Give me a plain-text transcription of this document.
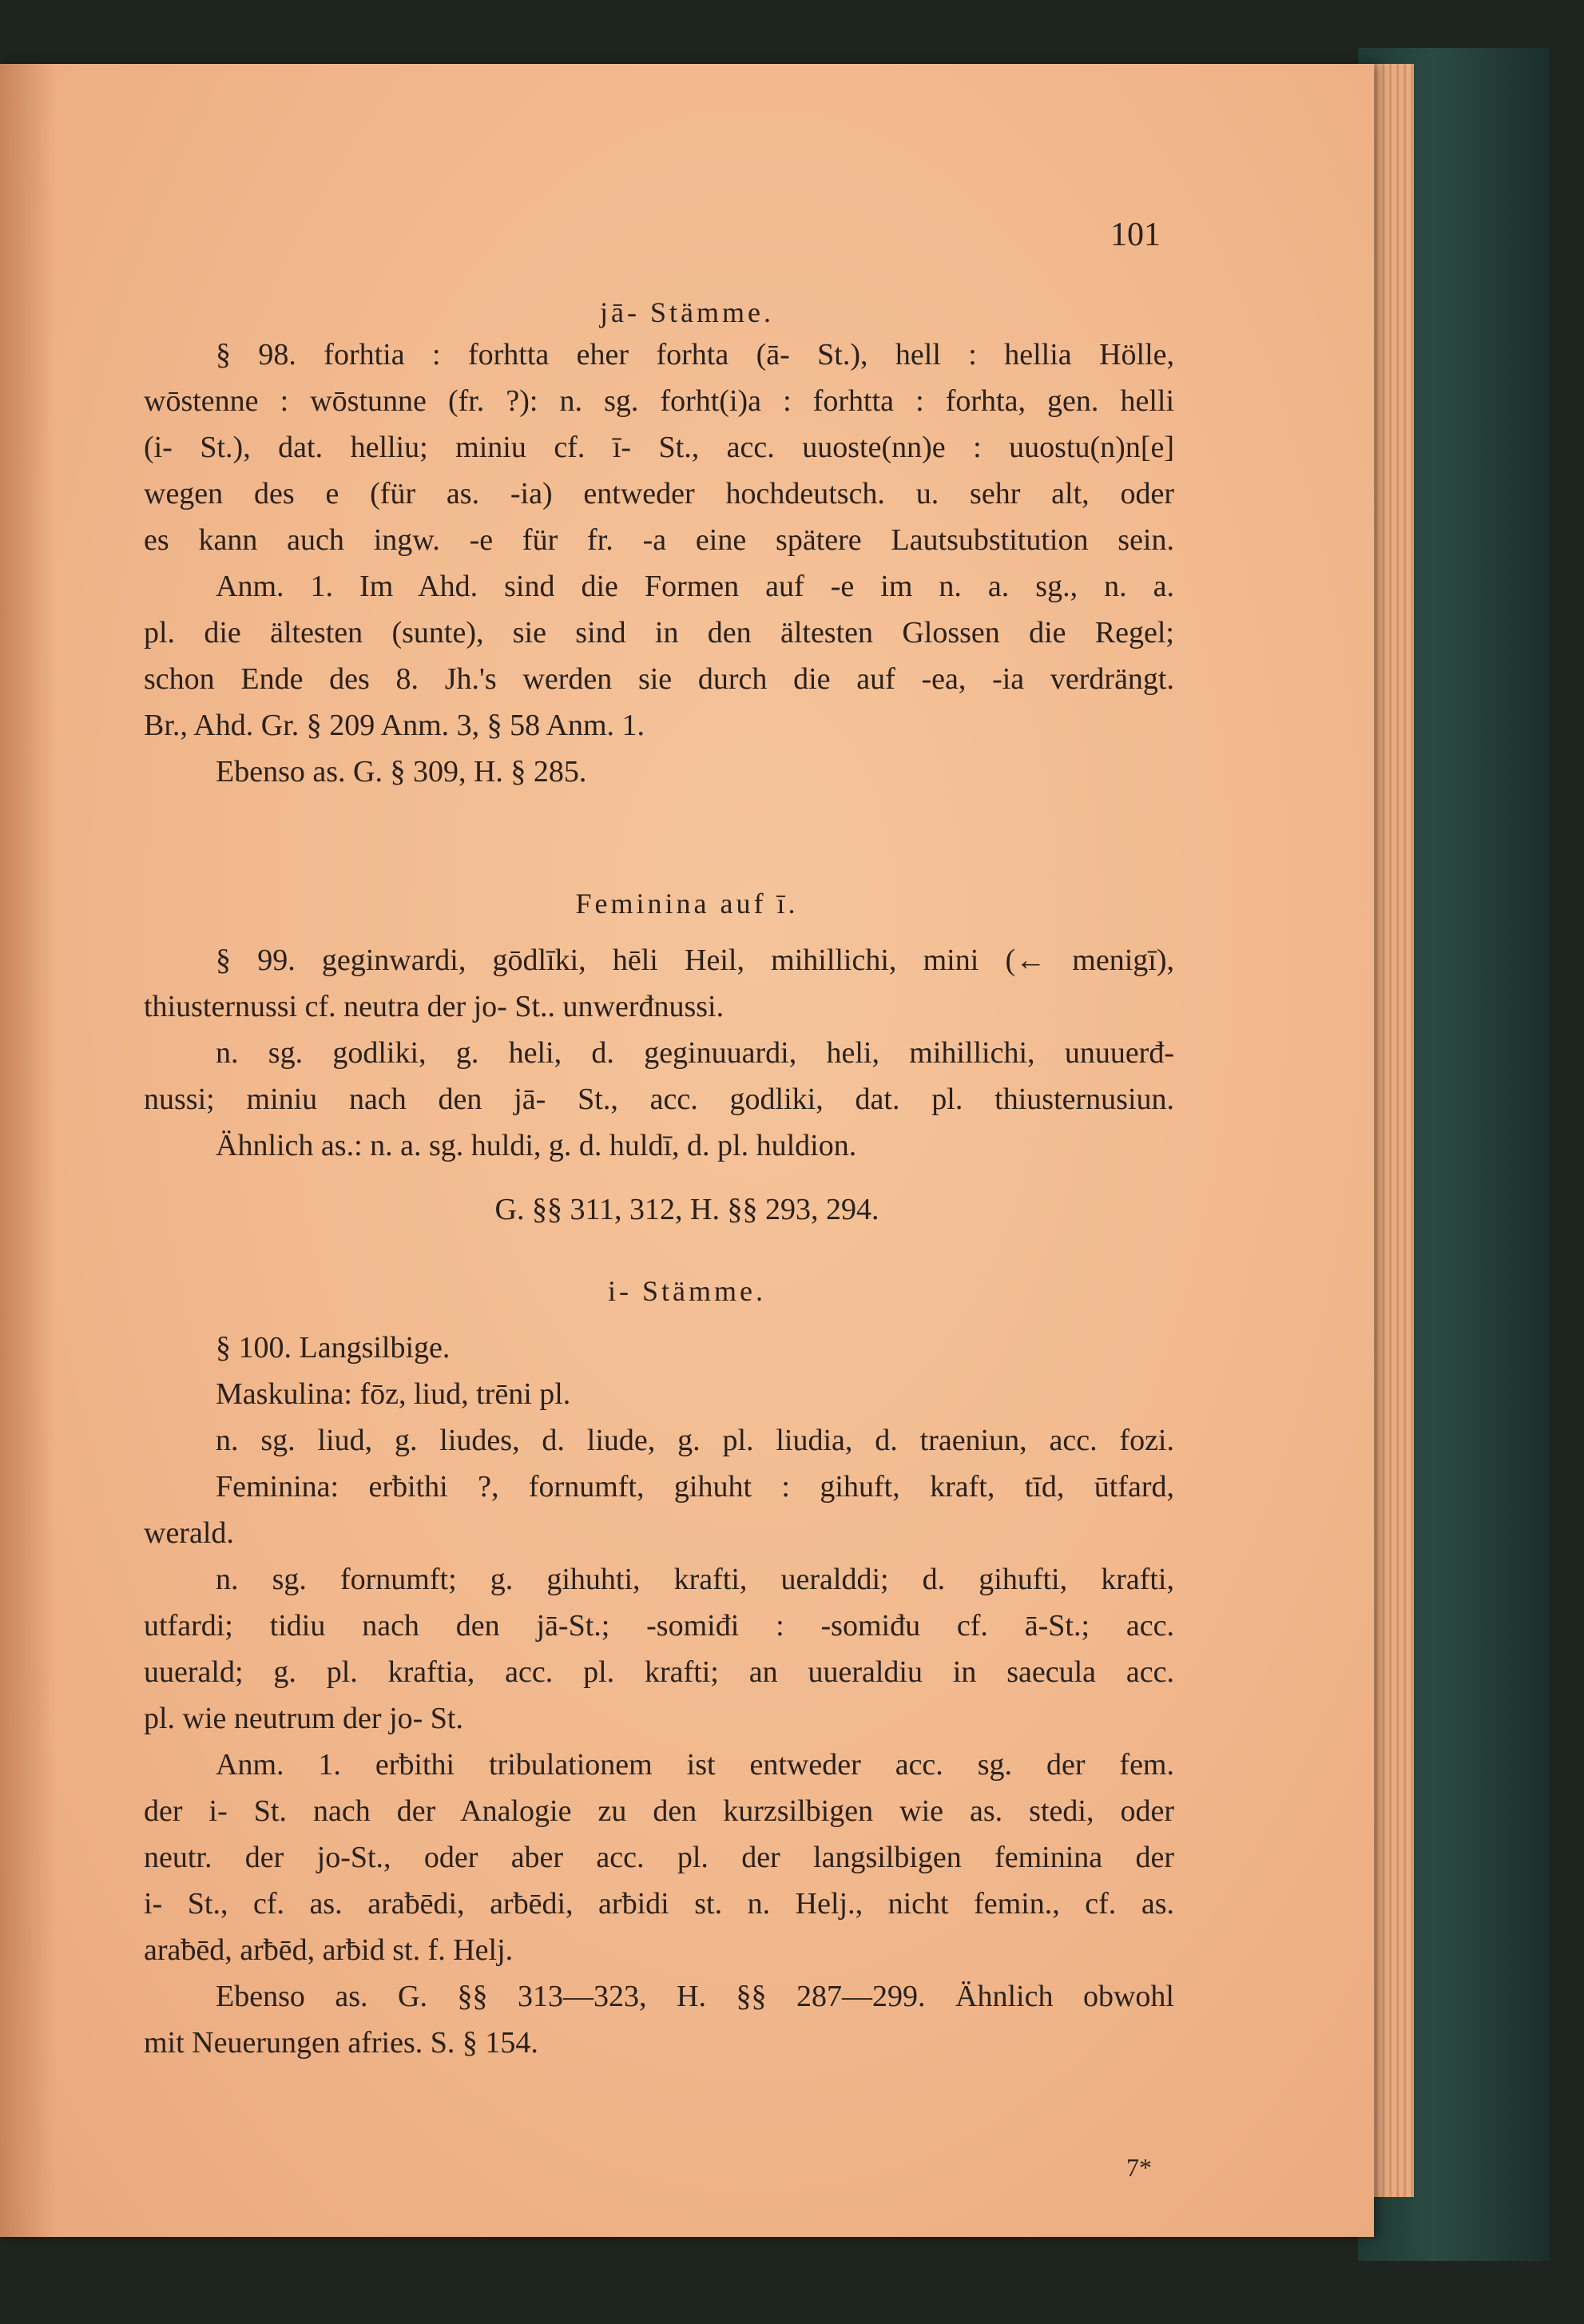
101
jā- Stämme.
§ 98. forhtia : forhtta eher forhta (ā- St.), hell : hellia Hölle,
wōstenne : wōstunne (fr. ?): n. sg. forht(i)a : forhtta : forhta, gen. helli
(i- St.), dat. helliu; miniu cf. ī- St., acc. uuoste(nn)e : uuostu(n)n[e]
wegen des e (für as. -ia) entweder hochdeutsch. u. sehr alt, oder
es kann auch ingw. -e für fr. -a eine spätere Lautsubstitution sein.
Anm. 1. Im Ahd. sind die Formen auf -e im n. a. sg., n. a.
pl. die ältesten (sunte), sie sind in den ältesten Glossen die Regel;
schon Ende des 8. Jh.'s werden sie durch die auf -ea, -ia verdrängt.
Br., Ahd. Gr. § 209 Anm. 3, § 58 Anm. 1.
Ebenso as. G. § 309, H. § 285.
Feminina auf ī.
§ 99. geginwardi, gōdlīki, hēli Heil, mihillichi, mini (← menigī),
thiusternussi cf. neutra der jo- St.. unwerđnussi.
n. sg. godliki, g. heli, d. geginuuardi, heli, mihillichi, unuuerđ-
nussi; miniu nach den jā- St., acc. godliki, dat. pl. thiusternusiun.
Ähnlich as.: n. a. sg. huldi, g. d. huldī, d. pl. huldion.
G. §§ 311, 312, H. §§ 293, 294.
i- Stämme.
§ 100. Langsilbige.
Maskulina: fōz, liud, trēni pl.
n. sg. liud, g. liudes, d. liude, g. pl. liudia, d. traeniun, acc. fozi.
Feminina: erƀithi ?, fornumft, gihuht : gihuft, kraft, tīd, ūtfard,
werald.
n. sg. fornumft; g. gihuhti, krafti, ueralddi; d. gihufti, krafti,
utfardi; tidiu nach den jā-St.; -somiđi : -somiđu cf. ā-St.; acc.
uuerald; g. pl. kraftia, acc. pl. krafti; an uueraldiu in saecula acc.
pl. wie neutrum der jo- St.
Anm. 1. erƀithi tribulationem ist entweder acc. sg. der fem.
der i- St. nach der Analogie zu den kurzsilbigen wie as. stedi, oder
neutr. der jo-St., oder aber acc. pl. der langsilbigen feminina der
i- St., cf. as. araƀēdi, arƀēdi, arƀidi st. n. Helj., nicht femin., cf. as.
araƀēd, arƀēd, arƀid st. f. Helj.
Ebenso as. G. §§ 313—323, H. §§ 287—299. Ähnlich obwohl
mit Neuerungen afries. S. § 154.
7*
